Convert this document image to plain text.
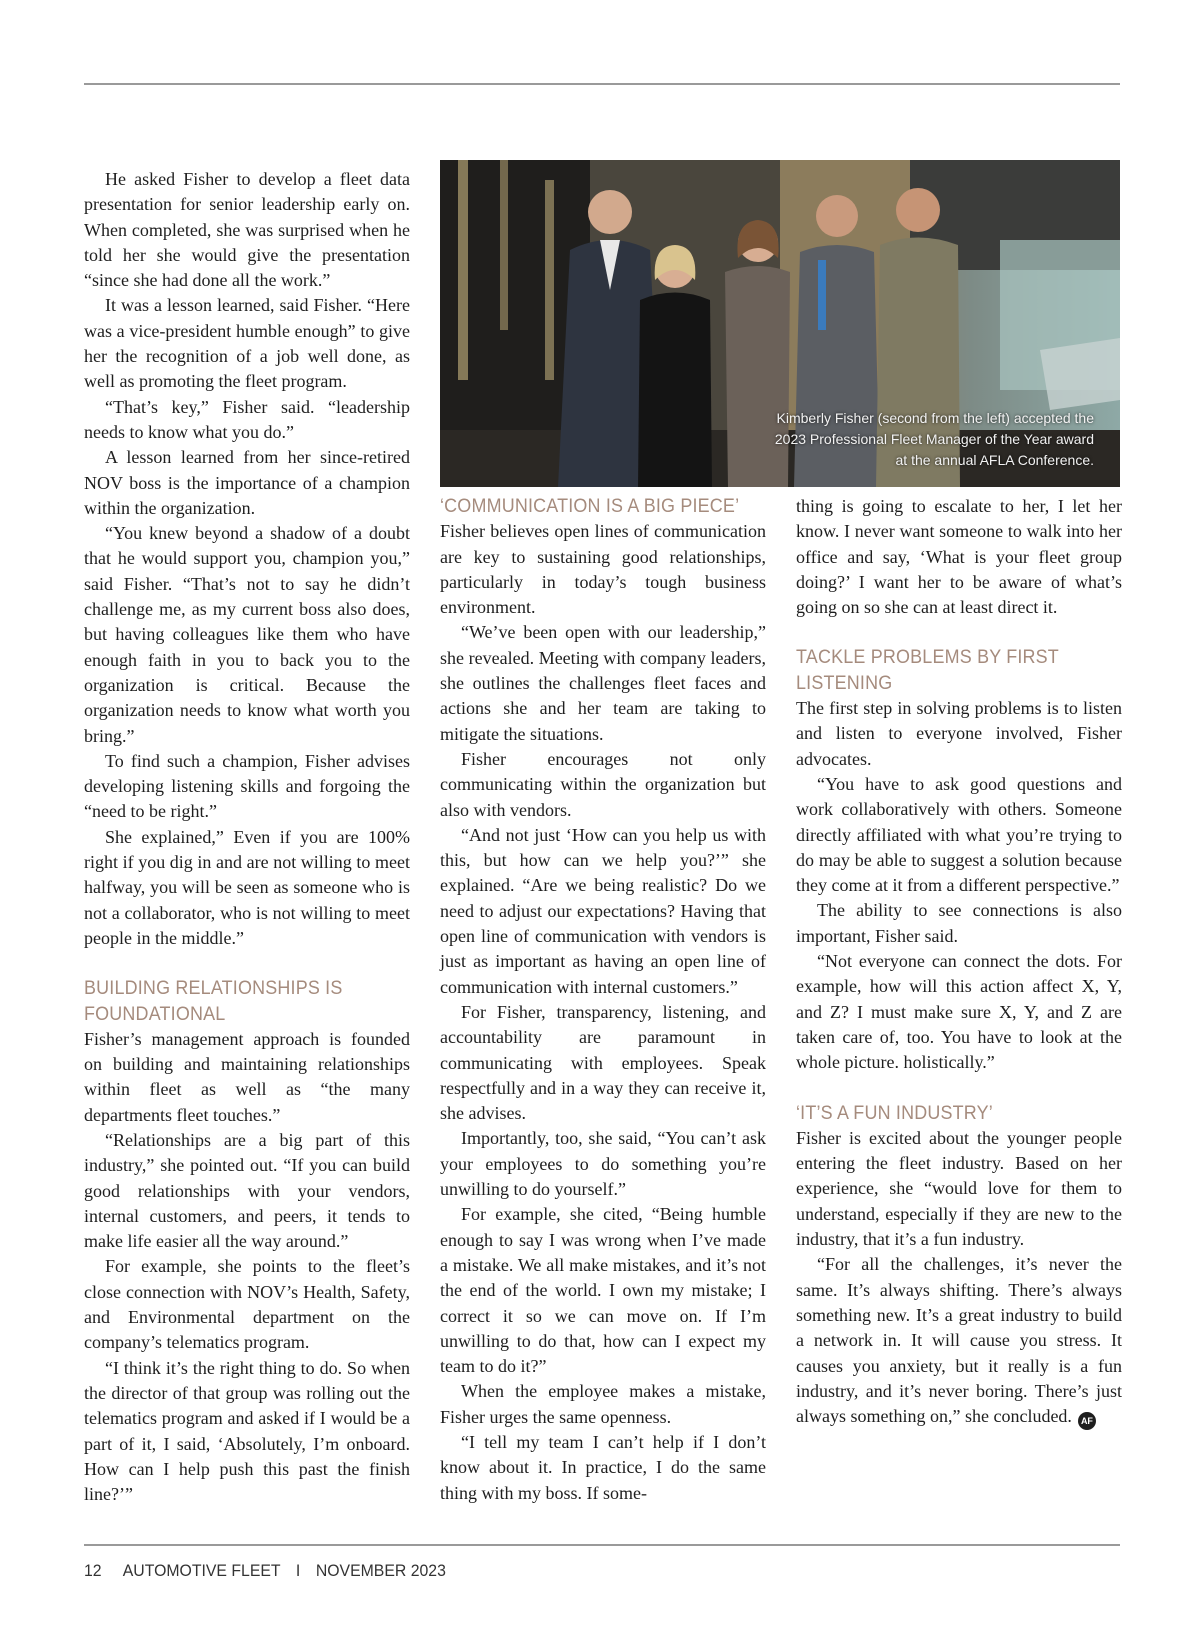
He asked Fisher to develop a fleet data presentation for senior leadership early on. When completed, she was surprised when he told her she would give the presentation “since she had done all the work.”

It was a lesson learned, said Fisher. “Here was a vice-president humble enough” to give her the recognition of a job well done, as well as promoting the fleet program.

“That’s key,” Fisher said. “leadership needs to know what you do.”

A lesson learned from her since-retired NOV boss is the importance of a champion within the organization.

“You knew beyond a shadow of a doubt that he would support you, champion you,” said Fisher. “That’s not to say he didn’t challenge me, as my current boss also does, but having colleagues like them who have enough faith in you to back you to the organization is critical. Because the organization needs to know what worth you bring.”

To find such a champion, Fisher advises developing listening skills and forgoing the “need to be right.”

She explained,” Even if you are 100% right if you dig in and are not willing to meet halfway, you will be seen as someone who is not a collaborator, who is not willing to meet people in the middle.”

BUILDING RELATIONSHIPS IS FOUNDATIONAL

Fisher’s management approach is founded on building and maintaining relationships within fleet as well as “the many departments fleet touches.”

“Relationships are a big part of this industry,” she pointed out. “If you can build good relationships with your vendors, internal customers, and peers, it tends to make life easier all the way around.”

For example, she points to the fleet’s close connection with NOV’s Health, Safety, and Environmental department on the company’s telematics program.

“I think it’s the right thing to do. So when the director of that group was rolling out the telematics program and asked if I would be a part of it, I said, ‘Absolutely, I’m onboard. How can I help push this past the finish line?’”

Kimberly Fisher (second from the left) accepted the 2023 Professional Fleet Manager of the Year award at the annual AFLA Conference.
‘COMMUNICATION IS A BIG PIECE’

Fisher believes open lines of communication are key to sustaining good relationships, particularly in today’s tough business environment.

“We’ve been open with our leadership,” she revealed. Meeting with company leaders, she outlines the challenges fleet faces and actions she and her team are taking to mitigate the situations.

Fisher encourages not only communicating within the organization but also with vendors.

“And not just ‘How can you help us with this, but how can we help you?’” she explained. “Are we being realistic? Do we need to adjust our expectations? Having that open line of communication with vendors is just as important as having an open line of communication with internal customers.”

For Fisher, transparency, listening, and accountability are paramount in communicating with employees. Speak respectfully and in a way they can receive it, she advises.

Importantly, too, she said, “You can’t ask your employees to do something you’re unwilling to do yourself.”

For example, she cited, “Being humble enough to say I was wrong when I’ve made a mistake. We all make mistakes, and it’s not the end of the world. I own my mistake; I correct it so we can move on. If I’m unwilling to do that, how can I expect my team to do it?”

When the employee makes a mistake, Fisher urges the same openness.

“I tell my team I can’t help if I don’t know about it. In practice, I do the same thing with my boss. If some-

thing is going to escalate to her, I let her know. I never want someone to walk into her office and say, ‘What is your fleet group doing?’ I want her to be aware of what’s going on so she can at least direct it.

TACKLE PROBLEMS BY FIRST LISTENING

The first step in solving problems is to listen and listen to everyone involved, Fisher advocates.

“You have to ask good questions and work collaboratively with others. Someone directly affiliated with what you’re trying to do may be able to suggest a solution because they come at it from a different perspective.”

The ability to see connections is also important, Fisher said.

“Not everyone can connect the dots. For example, how will this action affect X, Y, and Z? I must make sure X, Y, and Z are taken care of, too. You have to look at the whole picture. holistically.”

‘IT’S A FUN INDUSTRY’

Fisher is excited about the younger people entering the fleet industry. Based on her experience, she “would love for them to understand, especially if they are new to the industry, that it’s a fun industry.

“For all the challenges, it’s never the same. It’s always shifting. There’s always something new. It’s a great industry to build a network in. It will cause you stress. It causes you anxiety, but it really is a fun industry, and it’s never boring. There’s just always something on,” she concluded. AF

12 AUTOMOTIVE FLEET I NOVEMBER 2023
